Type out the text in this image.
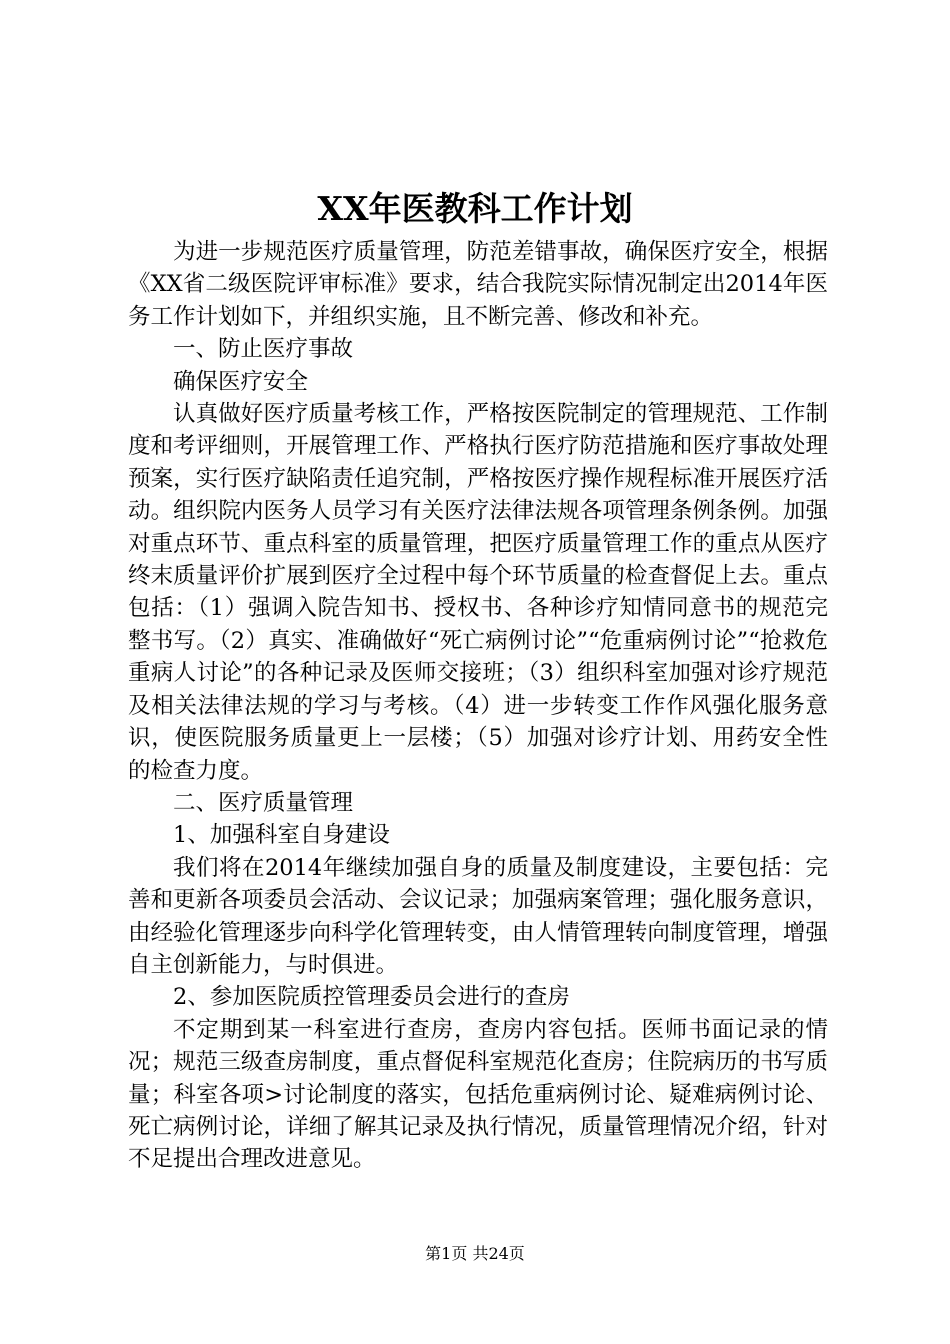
XX年医教科工作计划

为进一步规范医疗质量管理，防范差错事故，确保医疗安全，根据《XX省二级医院评审标准》要求，结合我院实际情况制定出2014年医务工作计划如下，并组织实施，且不断完善、修改和补充。

一、防止医疗事故

确保医疗安全

认真做好医疗质量考核工作，严格按医院制定的管理规范、工作制度和考评细则，开展管理工作、严格执行医疗防范措施和医疗事故处理预案，实行医疗缺陷责任追究制，严格按医疗操作规程标准开展医疗活动。组织院内医务人员学习有关医疗法律法规各项管理条例条例。加强对重点环节、重点科室的质量管理，把医疗质量管理工作的重点从医疗终末质量评价扩展到医疗全过程中每个环节质量的检查督促上去。重点包括：（1）强调入院告知书、授权书、各种诊疗知情同意书的规范完整书写。（2）真实、准确做好“死亡病例讨论”“危重病例讨论”“抢救危重病人讨论”的各种记录及医师交接班；（3）组织科室加强对诊疗规范及相关法律法规的学习与考核。（4）进一步转变工作作风强化服务意识，使医院服务质量更上一层楼；（5）加强对诊疗计划、用药安全性的检查力度。

二、医疗质量管理

1、加强科室自身建设

我们将在2014年继续加强自身的质量及制度建设，主要包括：完善和更新各项委员会活动、会议记录；加强病案管理；强化服务意识，由经验化管理逐步向科学化管理转变，由人情管理转向制度管理，增强自主创新能力，与时俱进。

2、参加医院质控管理委员会进行的查房

不定期到某一科室进行查房，查房内容包括。医师书面记录的情况；规范三级查房制度，重点督促科室规范化查房；住院病历的书写质量；科室各项>讨论制度的落实，包括危重病例讨论、疑难病例讨论、死亡病例讨论，详细了解其记录及执行情况，质量管理情况介绍，针对不足提出合理改进意见。

第1页 共24页
